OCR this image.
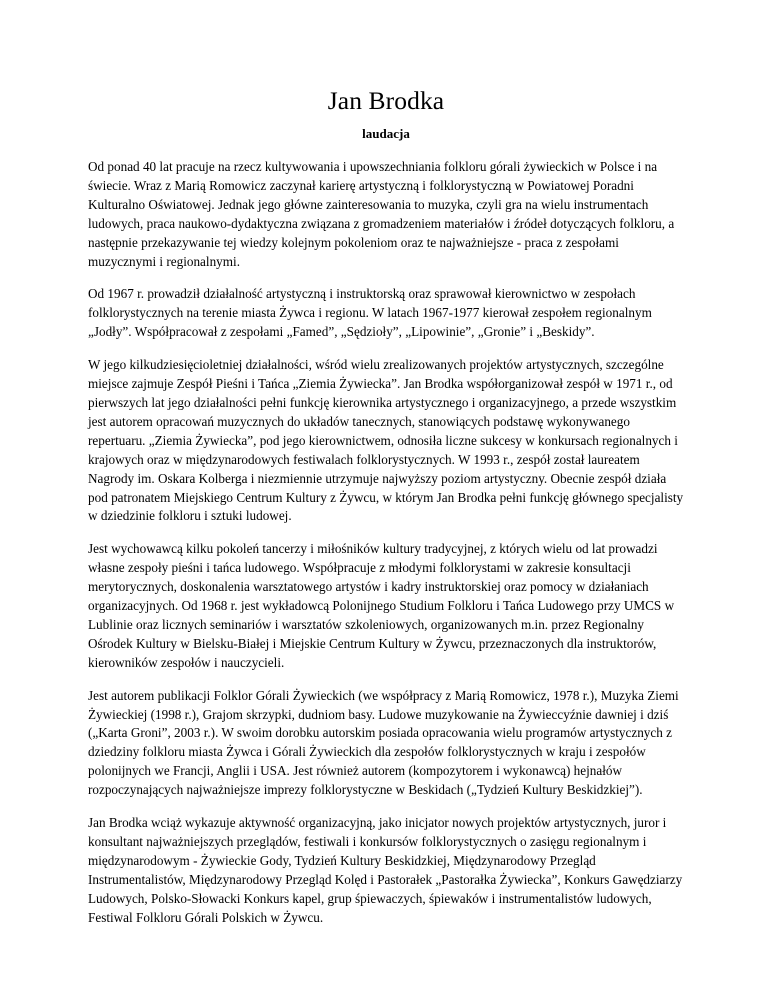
Jan Brodka
laudacja

Od ponad 40 lat pracuje na rzecz kultywowania i upowszechniania folkloru górali żywieckich w Polsce i na świecie. Wraz z Marią Romowicz zaczynał karierę artystyczną i folklorystyczną w Powiatowej Poradni Kulturalno Oświatowej. Jednak jego główne zainteresowania to muzyka, czyli gra na wielu instrumentach ludowych, praca naukowo-dydaktyczna związana z gromadzeniem materiałów i źródeł dotyczących folkloru, a następnie przekazywanie tej wiedzy kolejnym pokoleniom oraz te najważniejsze - praca z zespołami muzycznymi i regionalnymi.

Od 1967 r. prowadził działalność artystyczną i instruktorską oraz sprawował kierownictwo w zespołach folklorystycznych na terenie miasta Żywca i regionu. W latach 1967-1977 kierował zespołem regionalnym „Jodły”. Współpracował z zespołami „Famed”, „Sędzioły”, „Lipowinie”, „Gronie” i „Beskidy”.

W jego kilkudziesięcioletniej działalności, wśród wielu zrealizowanych projektów artystycznych, szczególne miejsce zajmuje Zespół Pieśni i Tańca „Ziemia Żywiecka”. Jan Brodka współorganizował zespół w 1971 r., od pierwszych lat jego działalności pełni funkcję kierownika artystycznego i organizacyjnego, a przede wszystkim jest autorem opracowań muzycznych do układów tanecznych, stanowiących podstawę wykonywanego repertuaru. „Ziemia Żywiecka”, pod jego kierownictwem, odnosiła liczne sukcesy w konkursach regionalnych i krajowych oraz w międzynarodowych festiwalach folklorystycznych. W 1993 r., zespół został laureatem Nagrody im. Oskara Kolberga i niezmiennie utrzymuje najwyższy poziom artystyczny. Obecnie zespół działa pod patronatem Miejskiego Centrum Kultury z Żywcu, w którym Jan Brodka pełni funkcję głównego specjalisty w dziedzinie folkloru i sztuki ludowej.

Jest wychowawcą kilku pokoleń tancerzy i miłośników kultury tradycyjnej, z których wielu od lat prowadzi własne zespoły pieśni i tańca ludowego. Współpracuje z młodymi folklorystami w zakresie konsultacji merytorycznych, doskonalenia warsztatowego artystów i kadry instruktorskiej oraz pomocy w działaniach organizacyjnych. Od 1968 r. jest wykładowcą Polonijnego Studium Folkloru i Tańca Ludowego przy UMCS w Lublinie oraz licznych seminariów i warsztatów szkoleniowych, organizowanych m.in. przez Regionalny Ośrodek Kultury w Bielsku-Białej i Miejskie Centrum Kultury w Żywcu, przeznaczonych dla instruktorów, kierowników zespołów i nauczycieli.

Jest autorem publikacji Folklor Górali Żywieckich (we współpracy z Marią Romowicz, 1978 r.), Muzyka Ziemi Żywieckiej (1998 r.), Grajom skrzypki, dudniom basy. Ludowe muzykowanie na Żywieccyźnie dawniej i dziś („Karta Groni”, 2003 r.). W swoim dorobku autorskim posiada opracowania wielu programów artystycznych z dziedziny folkloru miasta Żywca i Górali Żywieckich dla zespołów folklorystycznych w kraju i zespołów polonijnych we Francji, Anglii i USA. Jest również autorem (kompozytorem i wykonawcą) hejnałów rozpoczynających najważniejsze imprezy folklorystyczne w Beskidach („Tydzień Kultury Beskidzkiej”).

Jan Brodka wciąż wykazuje aktywność organizacyjną, jako inicjator nowych projektów artystycznych, juror i konsultant najważniejszych przeglądów, festiwali i konkursów folklorystycznych o zasięgu regionalnym i międzynarodowym - Żywieckie Gody, Tydzień Kultury Beskidzkiej, Międzynarodowy Przegląd Instrumentalistów, Międzynarodowy Przegląd Kolęd i Pastorałek „Pastorałka Żywiecka”, Konkurs Gawędziarzy Ludowych, Polsko-Słowacki Konkurs kapel, grup śpiewaczych, śpiewaków i instrumentalistów ludowych, Festiwal Folkloru Górali Polskich w Żywcu.
